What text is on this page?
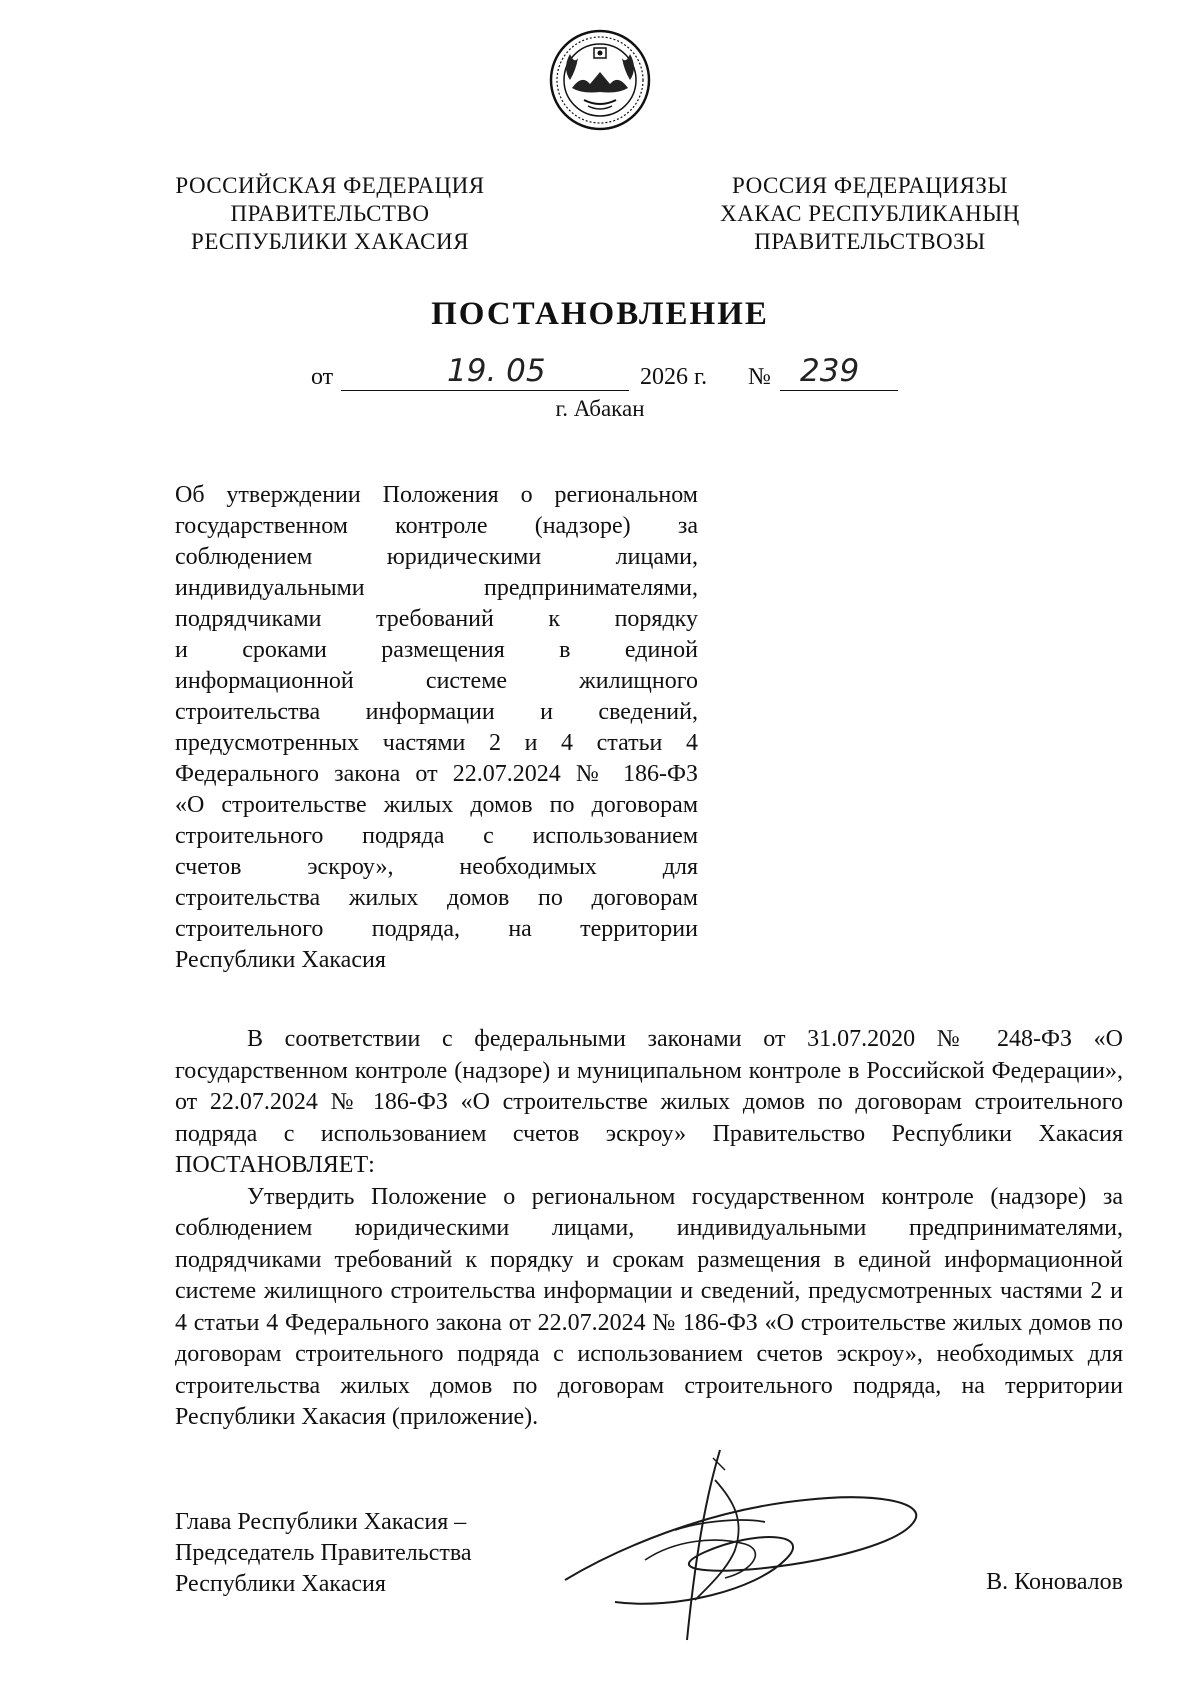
РОССИЙСКАЯ ФЕДЕРАЦИЯ
ПРАВИТЕЛЬСТВО
РЕСПУБЛИКИ ХАКАСИЯ
РОССИЯ ФЕДЕРАЦИЯЗЫ
ХАКАС РЕСПУБЛИКАНЫҢ
ПРАВИТЕЛЬСТВОЗЫ
ПОСТАНОВЛЕНИЕ
от	19. 05	2026 г. № 239
г. Абакан
Об утверждении Положения о региональном
государственном контроле (надзоре) за
соблюдением юридическими лицами,
индивидуальными предпринимателями,
подрядчиками требований к порядку
и сроками размещения в единой
информационной системе жилищного
строительства информации и сведений,
предусмотренных частями 2 и 4 статьи 4
Федерального закона от 22.07.2024 № 186-ФЗ
«О строительстве жилых домов по договорам
строительного подряда с использованием
счетов эскроу», необходимых для
строительства жилых домов по договорам
строительного подряда, на территории
Республики Хакасия

В соответствии с федеральными законами от 31.07.2020 № 248-ФЗ «О государственном контроле (надзоре) и муниципальном контроле в Российской Федерации», от 22.07.2024 № 186-ФЗ «О строительстве жилых домов по договорам строительного подряда с использованием счетов эскроу» Правительство Республики Хакасия ПОСТАНОВЛЯЕТ:

Утвердить Положение о региональном государственном контроле (надзоре) за соблюдением юридическими лицами, индивидуальными предпринимателями, подрядчиками требований к порядку и срокам размещения в единой информационной системе жилищного строительства информации и сведений, предусмотренных частями 2 и 4 статьи 4 Федерального закона от 22.07.2024 № 186-ФЗ «О строительстве жилых домов по договорам строительного подряда с использованием счетов эскроу», необходимых для строительства жилых домов по договорам строительного подряда, на территории Республики Хакасия (приложение).

Глава Республики Хакасия –
Председатель Правительства
Республики Хакасия	В. Коновалов
